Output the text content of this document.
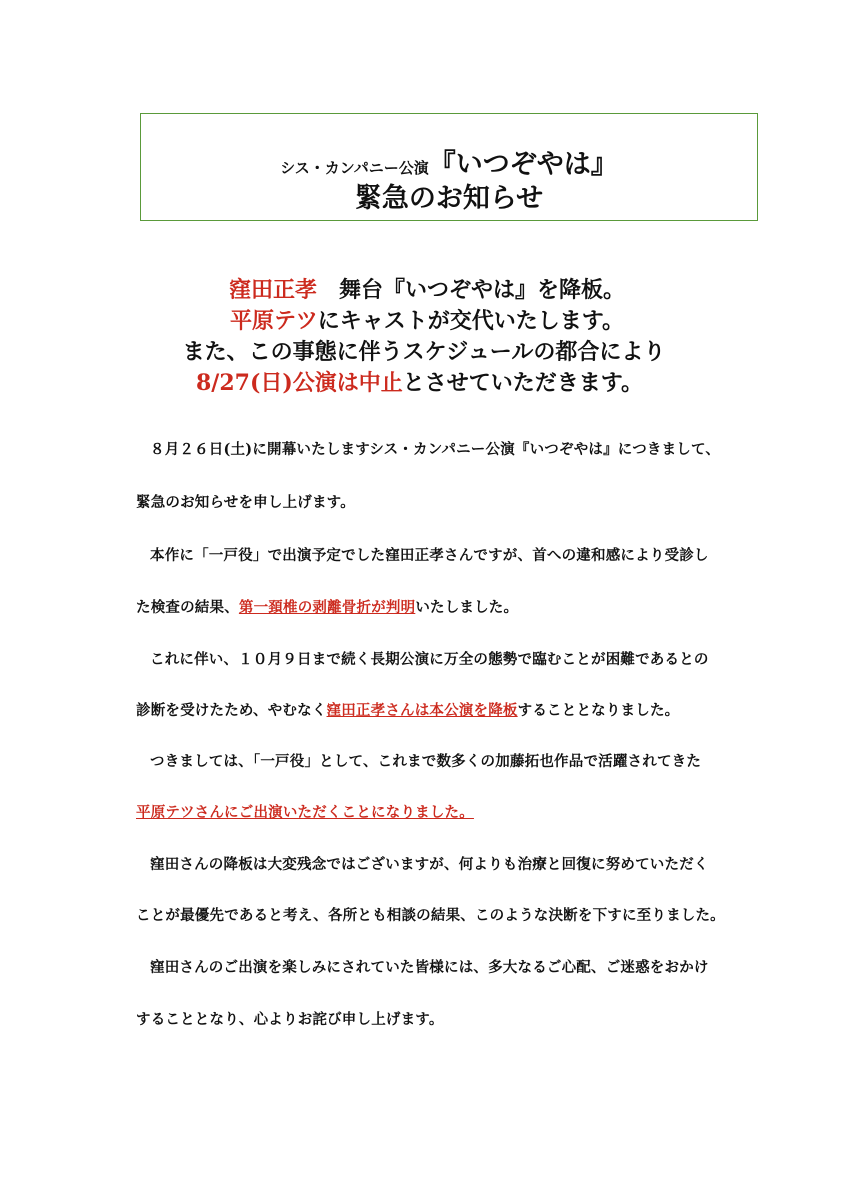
シス・カンパニー公演『いつぞやは』
緊急のお知らせ
窪田正孝　舞台『いつぞやは』を降板。
平原テツにキャストが交代いたします。
また、この事態に伴うスケジュールの都合により
8/27(日)公演は中止とさせていただきます。
８月２６日(土)に開幕いたしますシス・カンパニー公演『いつぞやは』につきまして、
緊急のお知らせを申し上げます。
本作に「一戸役」で出演予定でした窪田正孝さんですが、首への違和感により受診し
た検査の結果、第一頚椎の剥離骨折が判明いたしました。
これに伴い、１０月９日まで続く長期公演に万全の態勢で臨むことが困難であるとの
診断を受けたため、やむなく窪田正孝さんは本公演を降板することとなりました。
つきましては、「一戸役」として、これまで数多くの加藤拓也作品で活躍されてきた
平原テツさんにご出演いただくことになりました。
窪田さんの降板は大変残念ではございますが、何よりも治療と回復に努めていただく
ことが最優先であると考え、各所とも相談の結果、このような決断を下すに至りました。
窪田さんのご出演を楽しみにされていた皆様には、多大なるご心配、ご迷惑をおかけ
することとなり、心よりお詫び申し上げます。
